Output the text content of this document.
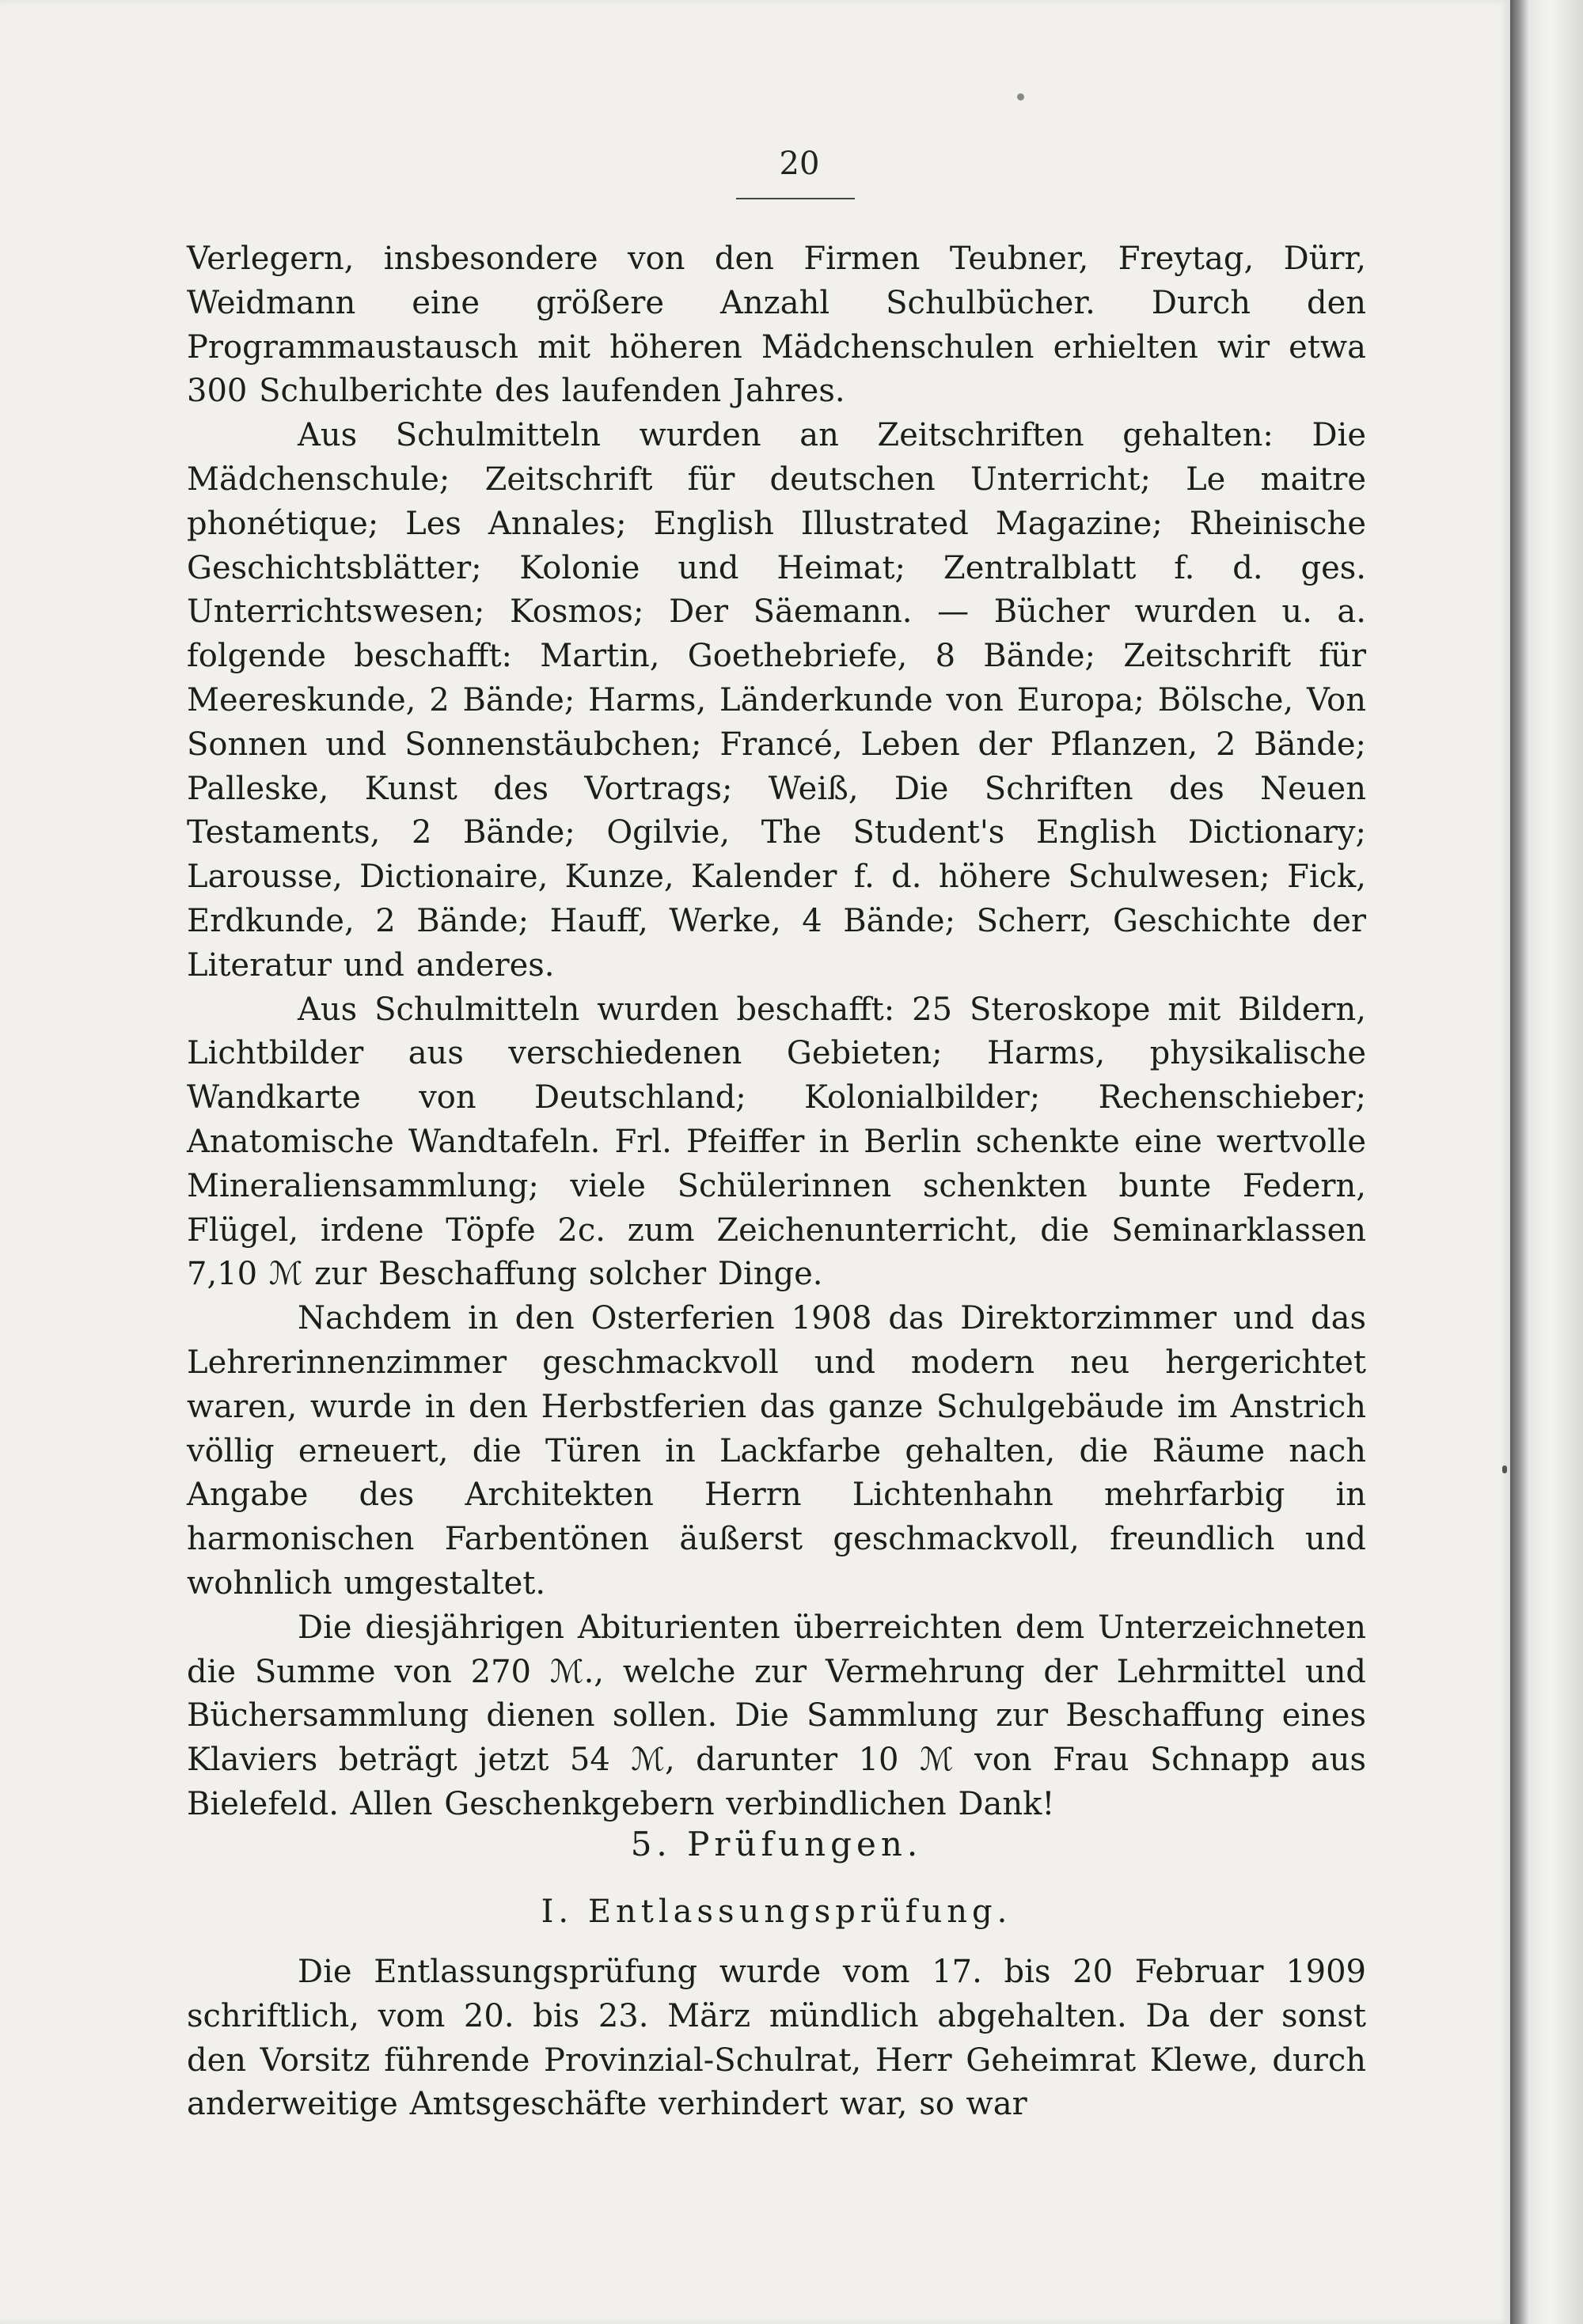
20

Verlegern, insbesondere von den Firmen Teubner, Freytag, Dürr, Weidmann eine größere Anzahl Schulbücher. Durch den Programmaustausch mit höheren Mädchenschulen erhielten wir etwa 300 Schulberichte des laufenden Jahres.

Aus Schulmitteln wurden an Zeitschriften gehalten: Die Mädchenschule; Zeitschrift für deutschen Unterricht; Le maitre phonétique; Les Annales; English Illustrated Magazine; Rheinische Geschichtsblätter; Kolonie und Heimat; Zentralblatt f. d. ges. Unterrichtswesen; Kosmos; Der Säemann. — Bücher wurden u. a. folgende beschafft: Martin, Goethebriefe, 8 Bände; Zeitschrift für Meereskunde, 2 Bände; Harms, Länderkunde von Europa; Bölsche, Von Sonnen und Sonnenstäubchen; Francé, Leben der Pflanzen, 2 Bände; Palleske, Kunst des Vortrags; Weiß, Die Schriften des Neuen Testaments, 2 Bände; Ogilvie, The Student's English Dictionary; Larousse, Dictionaire, Kunze, Kalender f. d. höhere Schulwesen; Fick, Erdkunde, 2 Bände; Hauff, Werke, 4 Bände; Scherr, Geschichte der Literatur und anderes.

Aus Schulmitteln wurden beschafft: 25 Steroskope mit Bildern, Lichtbilder aus verschiedenen Gebieten; Harms, physikalische Wandkarte von Deutschland; Kolonialbilder; Rechenschieber; Anatomische Wandtafeln. Frl. Pfeiffer in Berlin schenkte eine wertvolle Mineraliensammlung; viele Schülerinnen schenkten bunte Federn, Flügel, irdene Töpfe 2c. zum Zeichenunterricht, die Seminarklassen 7,10 ℳ zur Beschaffung solcher Dinge.

Nachdem in den Osterferien 1908 das Direktorzimmer und das Lehrerinnenzimmer geschmackvoll und modern neu hergerichtet waren, wurde in den Herbstferien das ganze Schulgebäude im Anstrich völlig erneuert, die Türen in Lackfarbe gehalten, die Räume nach Angabe des Architekten Herrn Lichtenhahn mehrfarbig in harmonischen Farbentönen äußerst geschmackvoll, freundlich und wohnlich umgestaltet.

Die diesjährigen Abiturienten überreichten dem Unterzeichneten die Summe von 270 ℳ., welche zur Vermehrung der Lehrmittel und Büchersammlung dienen sollen. Die Sammlung zur Beschaffung eines Klaviers beträgt jetzt 54 ℳ, darunter 10 ℳ von Frau Schnapp aus Bielefeld. Allen Geschenkgebern verbindlichen Dank!

5. Prüfungen.
I. Entlassungsprüfung.

Die Entlassungsprüfung wurde vom 17. bis 20 Februar 1909 schriftlich, vom 20. bis 23. März mündlich abgehalten. Da der sonst den Vorsitz führende Provinzial-Schulrat, Herr Geheimrat Klewe, durch anderweitige Amtsgeschäfte verhindert war, so war
